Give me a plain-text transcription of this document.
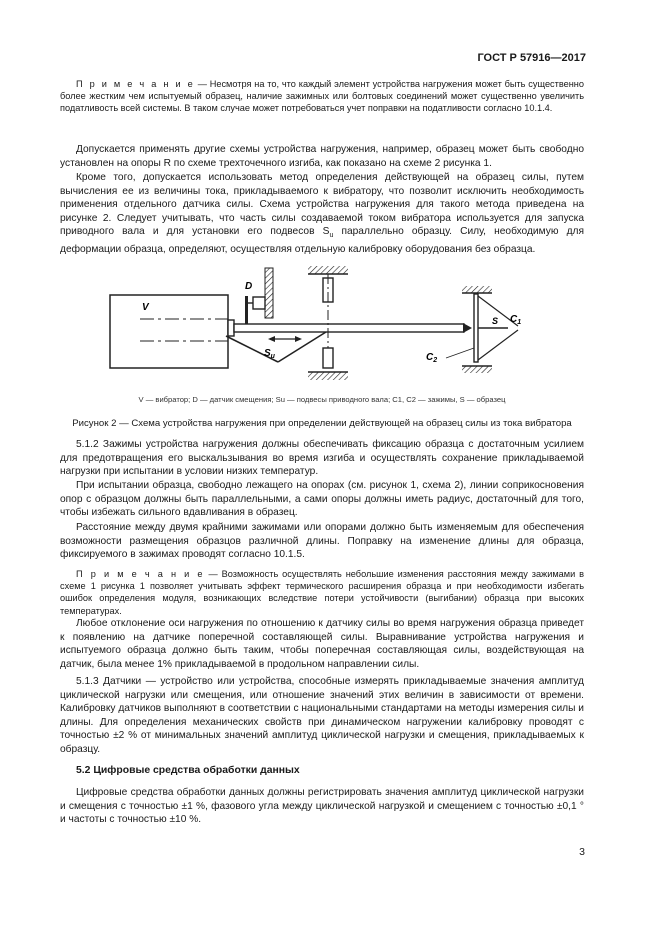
ГОСТ Р 57916—2017

П р и м е ч а н и е — Несмотря на то, что каждый элемент устройства нагружения может быть существенно более жестким чем испытуемый образец, наличие зажимных или болтовых соединений может существенно увеличить податливость всей системы. В таком случае может потребоваться учет поправки на податливости согласно 10.1.4.

Допускается применять другие схемы устройства нагружения, например, образец может быть свободно установлен на опоры R по схеме трехточечного изгиба, как показано на схеме 2 рисунка 1.

Кроме того, допускается использовать метод определения действующей на образец силы, путем вычисления ее из величины тока, прикладываемого к вибратору, что позволит исключить необходимость применения отдельного датчика силы. Схема устройства нагружения для такого метода приведена на рисунке 2. Следует учитывать, что часть силы создаваемой током вибратора используется для запуска приводного вала и для установки его подвесов $S_u$ параллельно образцу. Силу, необходимую для деформации образца, определяют, осуществляя отдельную калибровку оборудования без образца.

V
D
$S_u$
S $C_1$
$C_2$
V — вибратор; D — датчик смещения; Su — подвесы приводного вала; C1, C2 — зажимы, S — образец
Рисунок 2 — Схема устройства нагружения при определении действующей на образец силы из тока вибратора

5.1.2 Зажимы устройства нагружения должны обеспечивать фиксацию образца с достаточным усилием для предотвращения его выскальзывания во время изгиба и осуществлять сохранение прикладываемой нагрузки при испытании в условии низких температур.

При испытании образца, свободно лежащего на опорах (см. рисунок 1, схема 2), линии соприкосновения опор с образцом должны быть параллельными, а сами опоры должны иметь радиус, достаточный для того, чтобы избежать сильного вдавливания в образец.

Расстояние между двумя крайними зажимами или опорами должно быть изменяемым для обеспечения возможности размещения образцов различной длины. Поправку на изменение длины для образца, фиксируемого в зажимах проводят согласно 10.1.5.

П р и м е ч а н и е — Возможность осуществлять небольшие изменения расстояния между зажимами в схеме 1 рисунка 1 позволяет учитывать эффект термического расширения образца и при необходимости избегать ошибок определения модуля, возникающих вследствие потери устойчивости (выгибании) образца при высоких температурах.

Любое отклонение оси нагружения по отношению к датчику силы во время нагружения образца приведет к появлению на датчике поперечной составляющей силы. Выравнивание устройства нагружения и испытуемого образца должно быть таким, чтобы поперечная составляющая силы, воздействующая на датчик, была менее 1% прикладываемой в продольном направлении силы.

5.1.3 Датчики — устройство или устройства, способные измерять прикладываемые значения амплитуд циклической нагрузки или смещения, или отношение значений этих величин в зависимости от времени. Калибровку датчиков выполняют в соответствии с национальными стандартами на методы измерения силы и длины. Для определения механических свойств при динамическом нагружении калибровку проводят с точностью ±2 % от минимальных значений амплитуд циклической нагрузки и смещения, прикладываемых к образцу.

5.2 Цифровые средства обработки данных

Цифровые средства обработки данных должны регистрировать значения амплитуд циклической нагрузки и смещения с точностью ±1 %, фазового угла между циклической нагрузкой и смещением с точностью ±0,1 ° и частоты с точностью ±10 %.

3
